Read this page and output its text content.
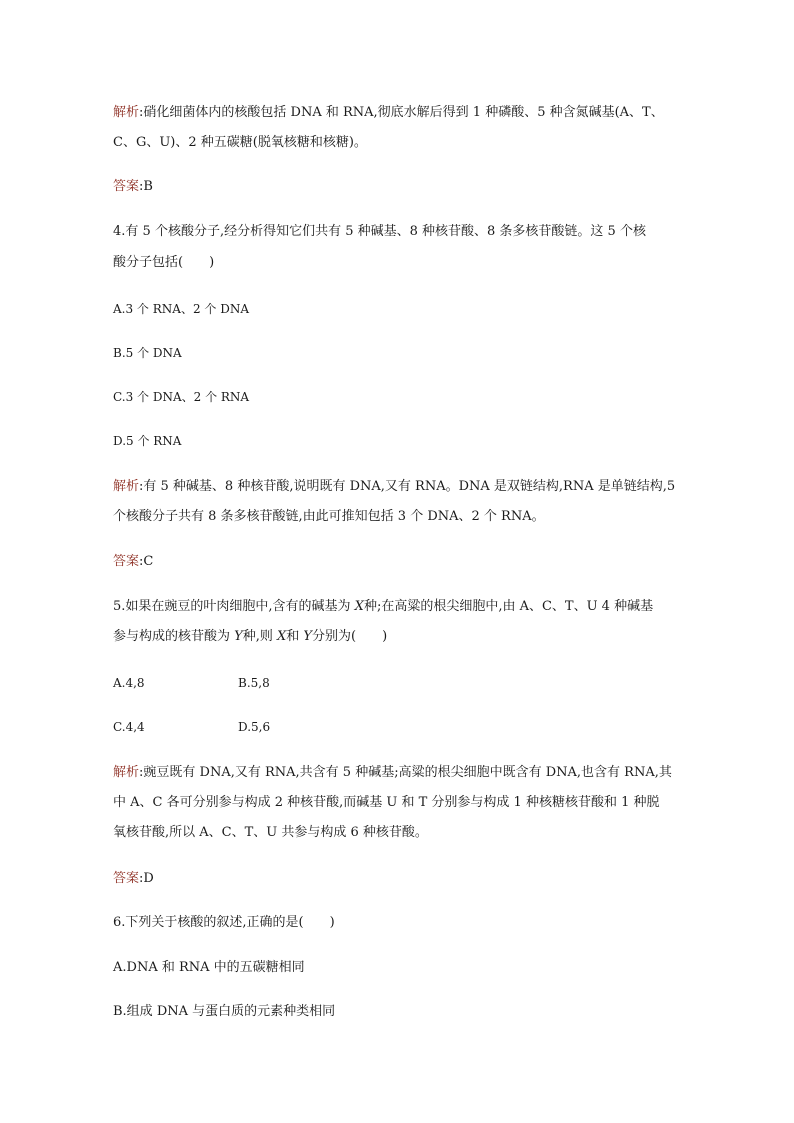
解析:硝化细菌体内的核酸包括 DNA 和 RNA,彻底水解后得到 1 种磷酸、5 种含氮碱基(A、T、
C、G、U)、2 种五碳糖(脱氧核糖和核糖)。
答案:B
4.有 5 个核酸分子,经分析得知它们共有 5 种碱基、8 种核苷酸、8 条多核苷酸链。这 5 个核
酸分子包括(　　)
A.3 个 RNA、2 个 DNA
B.5 个 DNA
C.3 个 DNA、2 个 RNA
D.5 个 RNA
解析:有 5 种碱基、8 种核苷酸,说明既有 DNA,又有 RNA。DNA 是双链结构,RNA 是单链结构,5
个核酸分子共有 8 条多核苷酸链,由此可推知包括 3 个 DNA、2 个 RNA。
答案:C
5.如果在豌豆的叶肉细胞中,含有的碱基为 X种;在高粱的根尖细胞中,由 A、C、T、U 4 种碱基
参与构成的核苷酸为 Y种,则 X和 Y分别为(　　)
A.4,8	B.5,8
C.4,4	D.5,6
解析:豌豆既有 DNA,又有 RNA,共含有 5 种碱基;高粱的根尖细胞中既含有 DNA,也含有 RNA,其
中 A、C 各可分别参与构成 2 种核苷酸,而碱基 U 和 T 分别参与构成 1 种核糖核苷酸和 1 种脱
氧核苷酸,所以 A、C、T、U 共参与构成 6 种核苷酸。
答案:D
6.下列关于核酸的叙述,正确的是(　　)
A.DNA 和 RNA 中的五碳糖相同
B.组成 DNA 与蛋白质的元素种类相同
